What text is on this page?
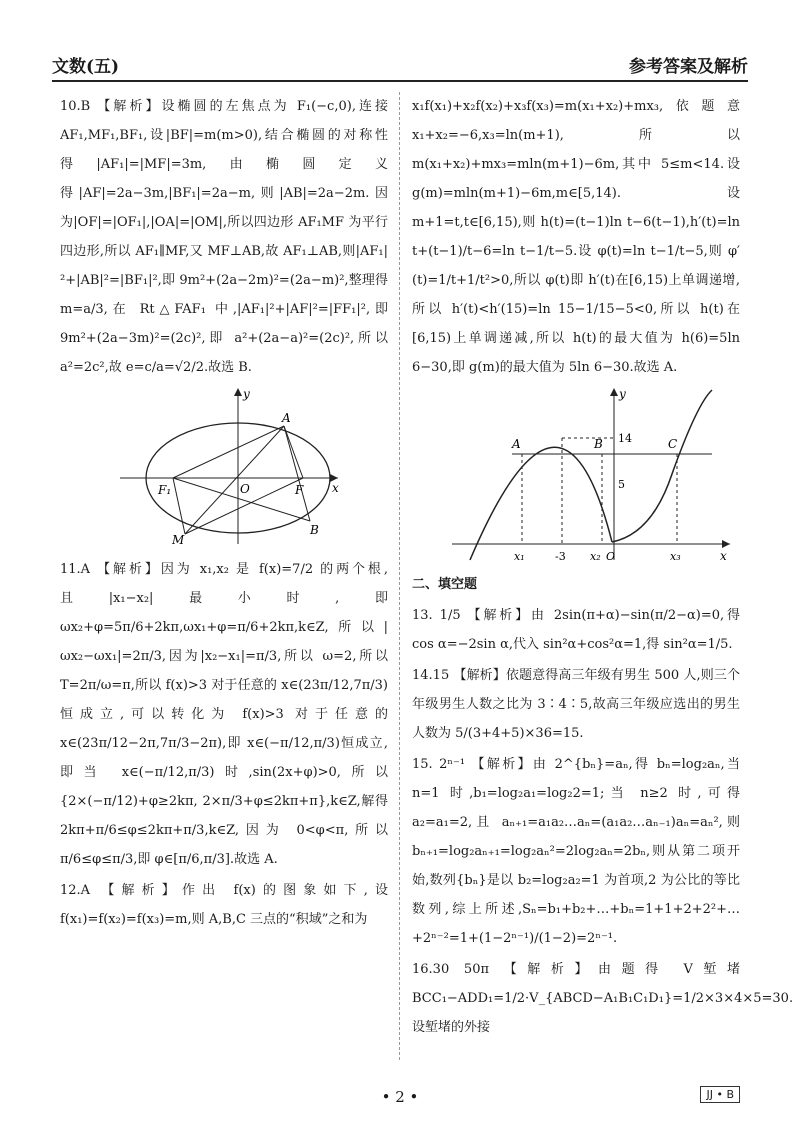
文数(五)	参考答案及解析

10.B 【解析】设椭圆的左焦点为 F₁(−c,0),连接 AF₁,MF₁,BF₁,设|BF|=m(m>0),结合椭圆的对称性得|AF₁|=|MF|=3m,由椭圆定义得|AF|=2a−3m,|BF₁|=2a−m,则|AB|=2a−2m.因为|OF|=|OF₁|,|OA|=|OM|,所以四边形 AF₁MF 为平行四边形,所以 AF₁∥MF,又 MF⊥AB,故 AF₁⊥AB,则|AF₁|²+|AB|²=|BF₁|²,即 9m²+(2a−2m)²=(2a−m)²,整理得 m=a/3,在 Rt△FAF₁ 中,|AF₁|²+|AF|²=|FF₁|²,即 9m²+(2a−3m)²=(2c)²,即 a²+(2a−a)²=(2c)²,所以 a²=2c²,故 e=c/a=√2/2.故选 B.

y
A
F₁	O	F x
B
M

11.A 【解析】因为 x₁,x₂ 是 f(x)=7/2 的两个根,且|x₁−x₂|最小时,即 ωx₂+φ=5π/6+2kπ,ωx₁+φ=π/6+2kπ,k∈Z,所以|ωx₂−ωx₁|=2π/3,因为|x₂−x₁|=π/3,所以 ω=2,所以 T=2π/ω=π,所以 f(x)>3 对于任意的 x∈(23π/12,7π/3)恒成立,可以转化为 f(x)>3 对于任意的 x∈(23π/12−2π,7π/3−2π),即 x∈(−π/12,π/3)恒成立,即当 x∈(−π/12,π/3)时,sin(2x+φ)>0,所以 {2×(−π/12)+φ≥2kπ, 2×π/3+φ≤2kπ+π},k∈Z,解得 2kπ+π/6≤φ≤2kπ+π/3,k∈Z,因为 0<φ<π,所以 π/6≤φ≤π/3,即 φ∈[π/6,π/3].故选 A.

12.A 【解析】作出 f(x)的图象如下,设 f(x₁)=f(x₂)=f(x₃)=m,则 A,B,C 三点的“积域”之和为

x₁f(x₁)+x₂f(x₂)+x₃f(x₃)=m(x₁+x₂)+mx₃,依题意 x₁+x₂=−6,x₃=ln(m+1),所以 m(x₁+x₂)+mx₃=mln(m+1)−6m,其中 5≤m<14.设 g(m)=mln(m+1)−6m,m∈[5,14).设 m+1=t,t∈[6,15),则 h(t)=(t−1)ln t−6(t−1),h′(t)=ln t+(t−1)/t−6=ln t−1/t−5.设 φ(t)=ln t−1/t−5,则 φ′(t)=1/t+1/t²>0,所以 φ(t)即 h′(t)在[6,15)上单调递增,所以 h′(t)<h′(15)=ln 15−1/15−5<0,所以 h(t)在[6,15)上单调递减,所以 h(t)的最大值为 h(6)=5ln 6−30,即 g(m)的最大值为 5ln 6−30.故选 A.

y
14
A	B	C
5
x₁	-3 x₂ O	x₃	x
二、填空题

13. 1/5 【解析】由 2sin(π+α)−sin(π/2−α)=0,得 cos α=−2sin α,代入 sin²α+cos²α=1,得 sin²α=1/5.

14.15 【解析】依题意得高三年级有男生 500 人,则三个年级男生人数之比为 3∶4∶5,故高三年级应选出的男生人数为 5/(3+4+5)×36=15.

15. 2ⁿ⁻¹ 【解析】由 2^{bₙ}=aₙ,得 bₙ=log₂aₙ,当 n=1 时,b₁=log₂a₁=log₂2=1;当 n≥2 时,可得 a₂=a₁=2,且 aₙ₊₁=a₁a₂…aₙ=(a₁a₂…aₙ₋₁)aₙ=aₙ²,则 bₙ₊₁=log₂aₙ₊₁=log₂aₙ²=2log₂aₙ=2bₙ,则从第二项开始,数列{bₙ}是以 b₂=log₂a₂=1 为首项,2 为公比的等比数列,综上所述,Sₙ=b₁+b₂+…+bₙ=1+1+2+2²+…+2ⁿ⁻²=1+(1−2ⁿ⁻¹)/(1−2)=2ⁿ⁻¹.

16.30 50π 【解析】由题得 V堑堵BCC₁−ADD₁=1/2·V_{ABCD−A₁B₁C₁D₁}=1/2×3×4×5=30.设堑堵的外接

• 2 •	JJ • B
